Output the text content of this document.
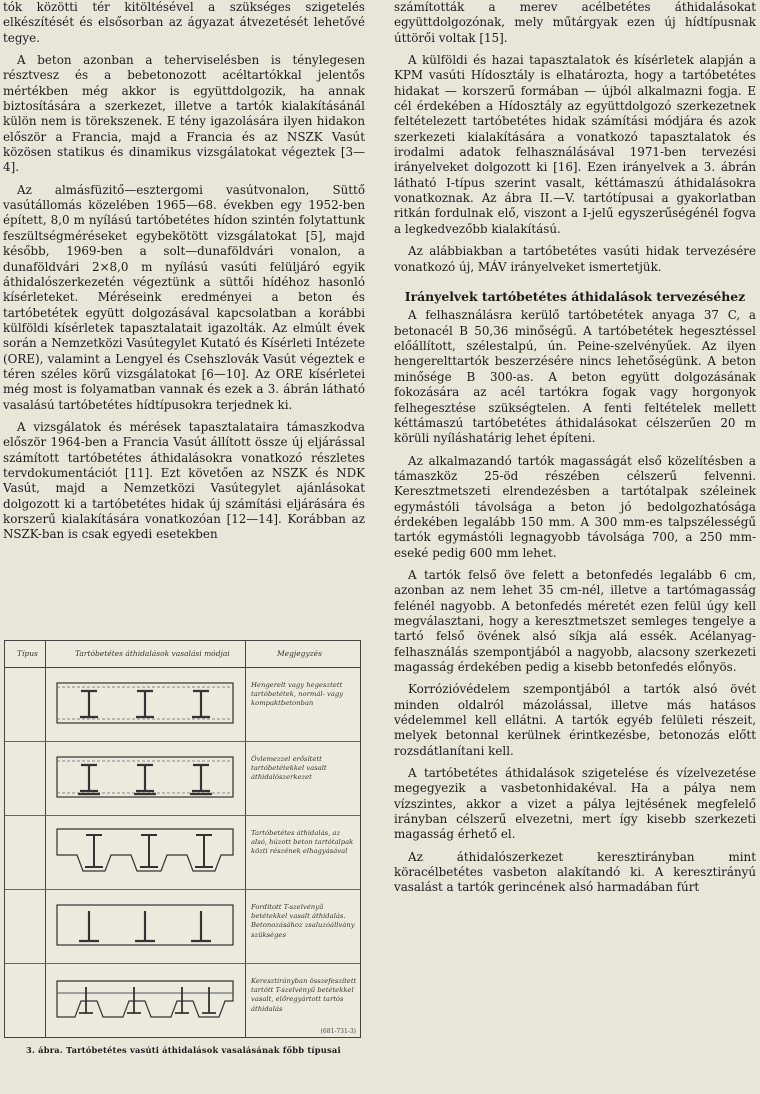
tók közötti tér kitöltésével a szükséges szigetelés elkészítését és elsősorban az ágyazat átvezetését lehetővé tegye.

A beton azonban a teherviselésben is ténylegesen résztvesz és a bebetonozott acéltartókkal jelentős mértékben még akkor is együttdolgozik, ha annak biztosítására a szerkezet, illetve a tartók kialakításánál külön nem is törekszenek. E tény igazolására ilyen hidakon először a Francia, majd a Francia és az NSZK Vasút közösen statikus és dinamikus vizsgálatokat végeztek [3—4].

Az almásfüzitő—esztergomi vasútvonalon, Süttő vasútállomás közelében 1965—68. években egy 1952-ben épített, 8,0 m nyílású tartóbetétes hídon szintén folytattunk feszültségméréseket egybekötött vizsgálatokat [5], majd később, 1969-ben a solt—dunaföldvári vonalon, a dunaföldvári 2×8,0 m nyílású vasúti felüljáró egyik áthidalószerkezetén végeztünk a süttői hídéhoz hasonló kísérleteket. Méréseink eredményei a beton és tartóbetétek együtt dolgozásával kapcsolatban a korábbi külföldi kísérletek tapasztalatait igazolták. Az elmúlt évek során a Nemzetközi Vasútegylet Kutató és Kísérleti Intézete (ORE), valamint a Lengyel és Csehszlovák Vasút végeztek e téren széles körű vizsgálatokat [6—10]. Az ORE kísérletei még most is folyamatban vannak és ezek a 3. ábrán látható vasalású tartóbetétes hídtípusokra terjednek ki.

A vizsgálatok és mérések tapasztalataira támaszkodva először 1964-ben a Francia Vasút állított össze új eljárással számított tartóbetétes áthidalásokra vonatkozó részletes tervdokumentációt [11]. Ezt követően az NSZK és NDK Vasút, majd a Nemzetközi Vasútegylet ajánlásokat dolgozott ki a tartóbetétes hidak új számítási eljárására és korszerű kialakítására vonatkozóan [12—14]. Korábban az NSZK-ban is csak egyedi esetekben

számították a merev acélbetétes áthidalásokat együttdolgozónak, mely műtárgyak ezen új hídtípusnak úttörői voltak [15].

A külföldi és hazai tapasztalatok és kísérletek alapján a KPM vasúti Hídosztály is elhatározta, hogy a tartóbetétes hidakat — korszerű formában — újból alkalmazni fogja. E cél érdekében a Hídosztály az együttdolgozó szerkezetnek feltételezett tartóbetétes hidak számítási módjára és azok szerkezeti kialakítására a vonatkozó tapasztalatok és irodalmi adatok felhasználásával 1971-ben tervezési irányelveket dolgozott ki [16]. Ezen irányelvek a 3. ábrán látható I-típus szerint vasalt, kéttámaszú áthidalásokra vonatkoznak. Az ábra II.—V. tartótípusai a gyakorlatban ritkán fordulnak elő, viszont a I-jelű egyszerűségénél fogva a legkedvezőbb kialakítású.

Az alábbiakban a tartóbetétes vasúti hidak tervezésére vonatkozó új, MÁV irányelveket ismertetjük.

Irányelvek tartóbetétes áthidalások tervezéséhez

A felhasználásra kerülő tartóbetétek anyaga 37 C, a betonacél B 50,36 minőségű. A tartóbetétek hegesztéssel előállított, szélestalpú, ún. Peine-szelvényűek. Az ilyen hengerelttartók beszerzésére nincs lehetőségünk. A beton minősége B 300-as. A beton együtt dolgozásának fokozására az acél tartókra fogak vagy horgonyok felhegesztése szükségtelen. A fenti feltételek mellett kéttámaszú tartóbetétes áthidalásokat célszerűen 20 m körüli nyíláshatárig lehet építeni.

Az alkalmazandó tartók magasságát első közelítésben a támaszköz 25-öd részében célszerű felvenni. Keresztmetszeti elrendezésben a tartótalpak széleinek egymástóli távolsága a beton jó bedolgozhatósága érdekében legalább 150 mm. A 300 mm-es talpszélességű tartók egymástóli legnagyobb távolsága 700, a 250 mm-eseké pedig 600 mm lehet.

A tartók felső öve felett a betonfedés legalább 6 cm, azonban az nem lehet 35 cm-nél, illetve a tartómagasság felénél nagyobb. A betonfedés méretét ezen felül úgy kell megválasztani, hogy a keresztmetszet semleges tengelye a tartó felső övének alsó síkja alá essék. Acélanyag-felhasználás szempontjából a nagyobb, alacsony szerkezeti magasság érdekében pedig a kisebb betonfedés előnyös.

Korrózióvédelem szempontjából a tartók alsó övét minden oldalról mázolással, illetve más hatásos védelemmel kell ellátni. A tartók egyéb felületi részeit, melyek betonnal kerülnek érintkezésbe, betonozás előtt rozsdátlanítani kell.

A tartóbetétes áthidalások szigetelése és vízelvezetése megegyezik a vasbetonhidakéval. Ha a pálya nem vízszintes, akkor a vizet a pálya lejtésének megfelelő irányban célszerű elvezetni, mert így kisebb szerkezeti magasság érhető el.

Az áthidalószerkezet keresztirányban mint köracélbetétes vasbeton alakítandó ki. A keresztirányú vasalást a tartók gerincének alsó harmadában fúrt

Típus	Tartóbetétes áthidalások vasalási módjai	Megjegyzés
Hengerelt vagy hegesztett tartóbetétek, normál- vagy kompaktbetonban
Övlemezzel erősített tartóbetétekkel vasalt áthidalószerkezet
Tartóbetétes áthidalás, az alsó, húzott beton tartótalpak közti részének elhagyásával
Fordított T-szelvényű betétekkel vasalt áthidalás. Betonozásához zsaluzóállvány szükséges
Keresztirányban összefeszített tartótt T-szelvényű betétekkel vasalt, előregyártott tartós áthidalás
(681-731-3)
3. ábra. Tartóbetétes vasúti áthidalások vasalásának főbb típusai
